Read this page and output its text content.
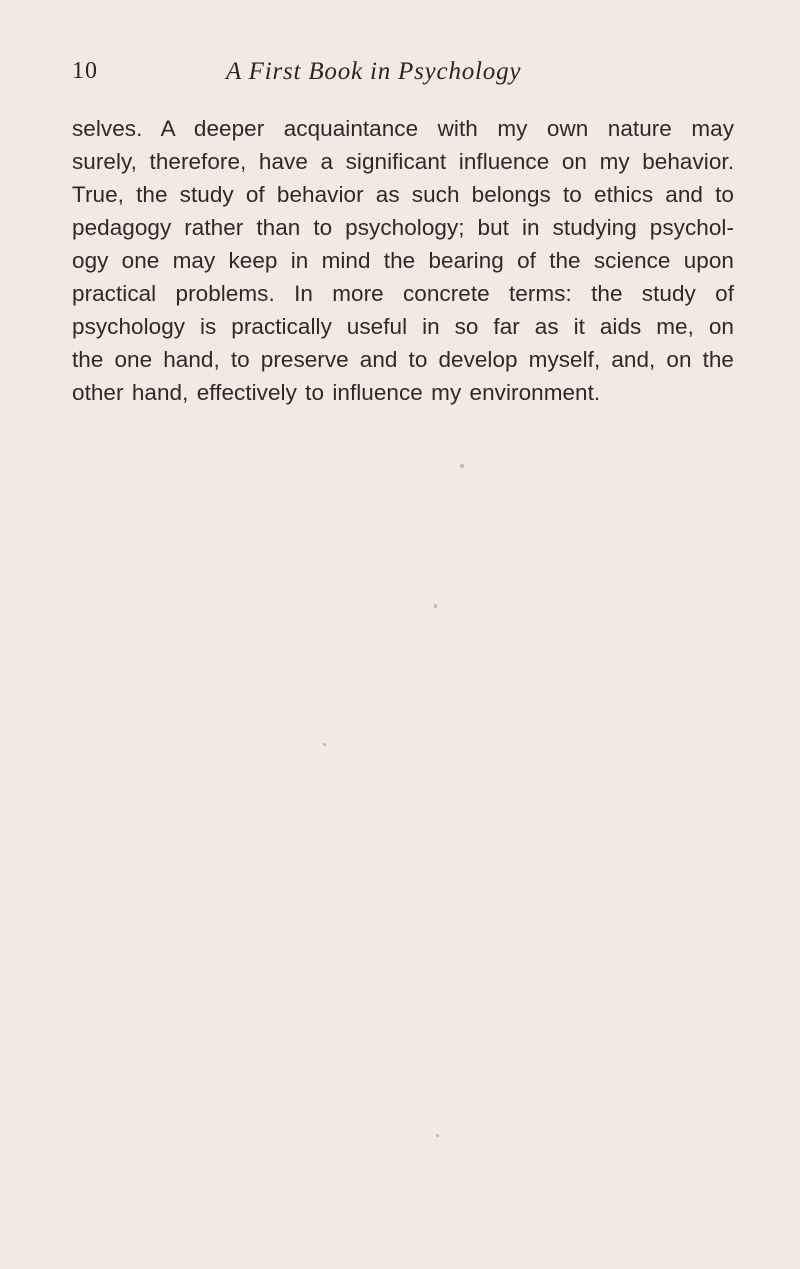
10	A First Book in Psychology
selves. A deeper acquaintance with my own nature may
surely, therefore, have a significant influence on my behavior.
True, the study of behavior as such belongs to ethics and to
pedagogy rather than to psychology; but in studying psychol-
ogy one may keep in mind the bearing of the science upon
practical problems. In more concrete terms: the study of
psychology is practically useful in so far as it aids me, on
the one hand, to preserve and to develop myself, and, on the
other hand, effectively to influence my environment.
